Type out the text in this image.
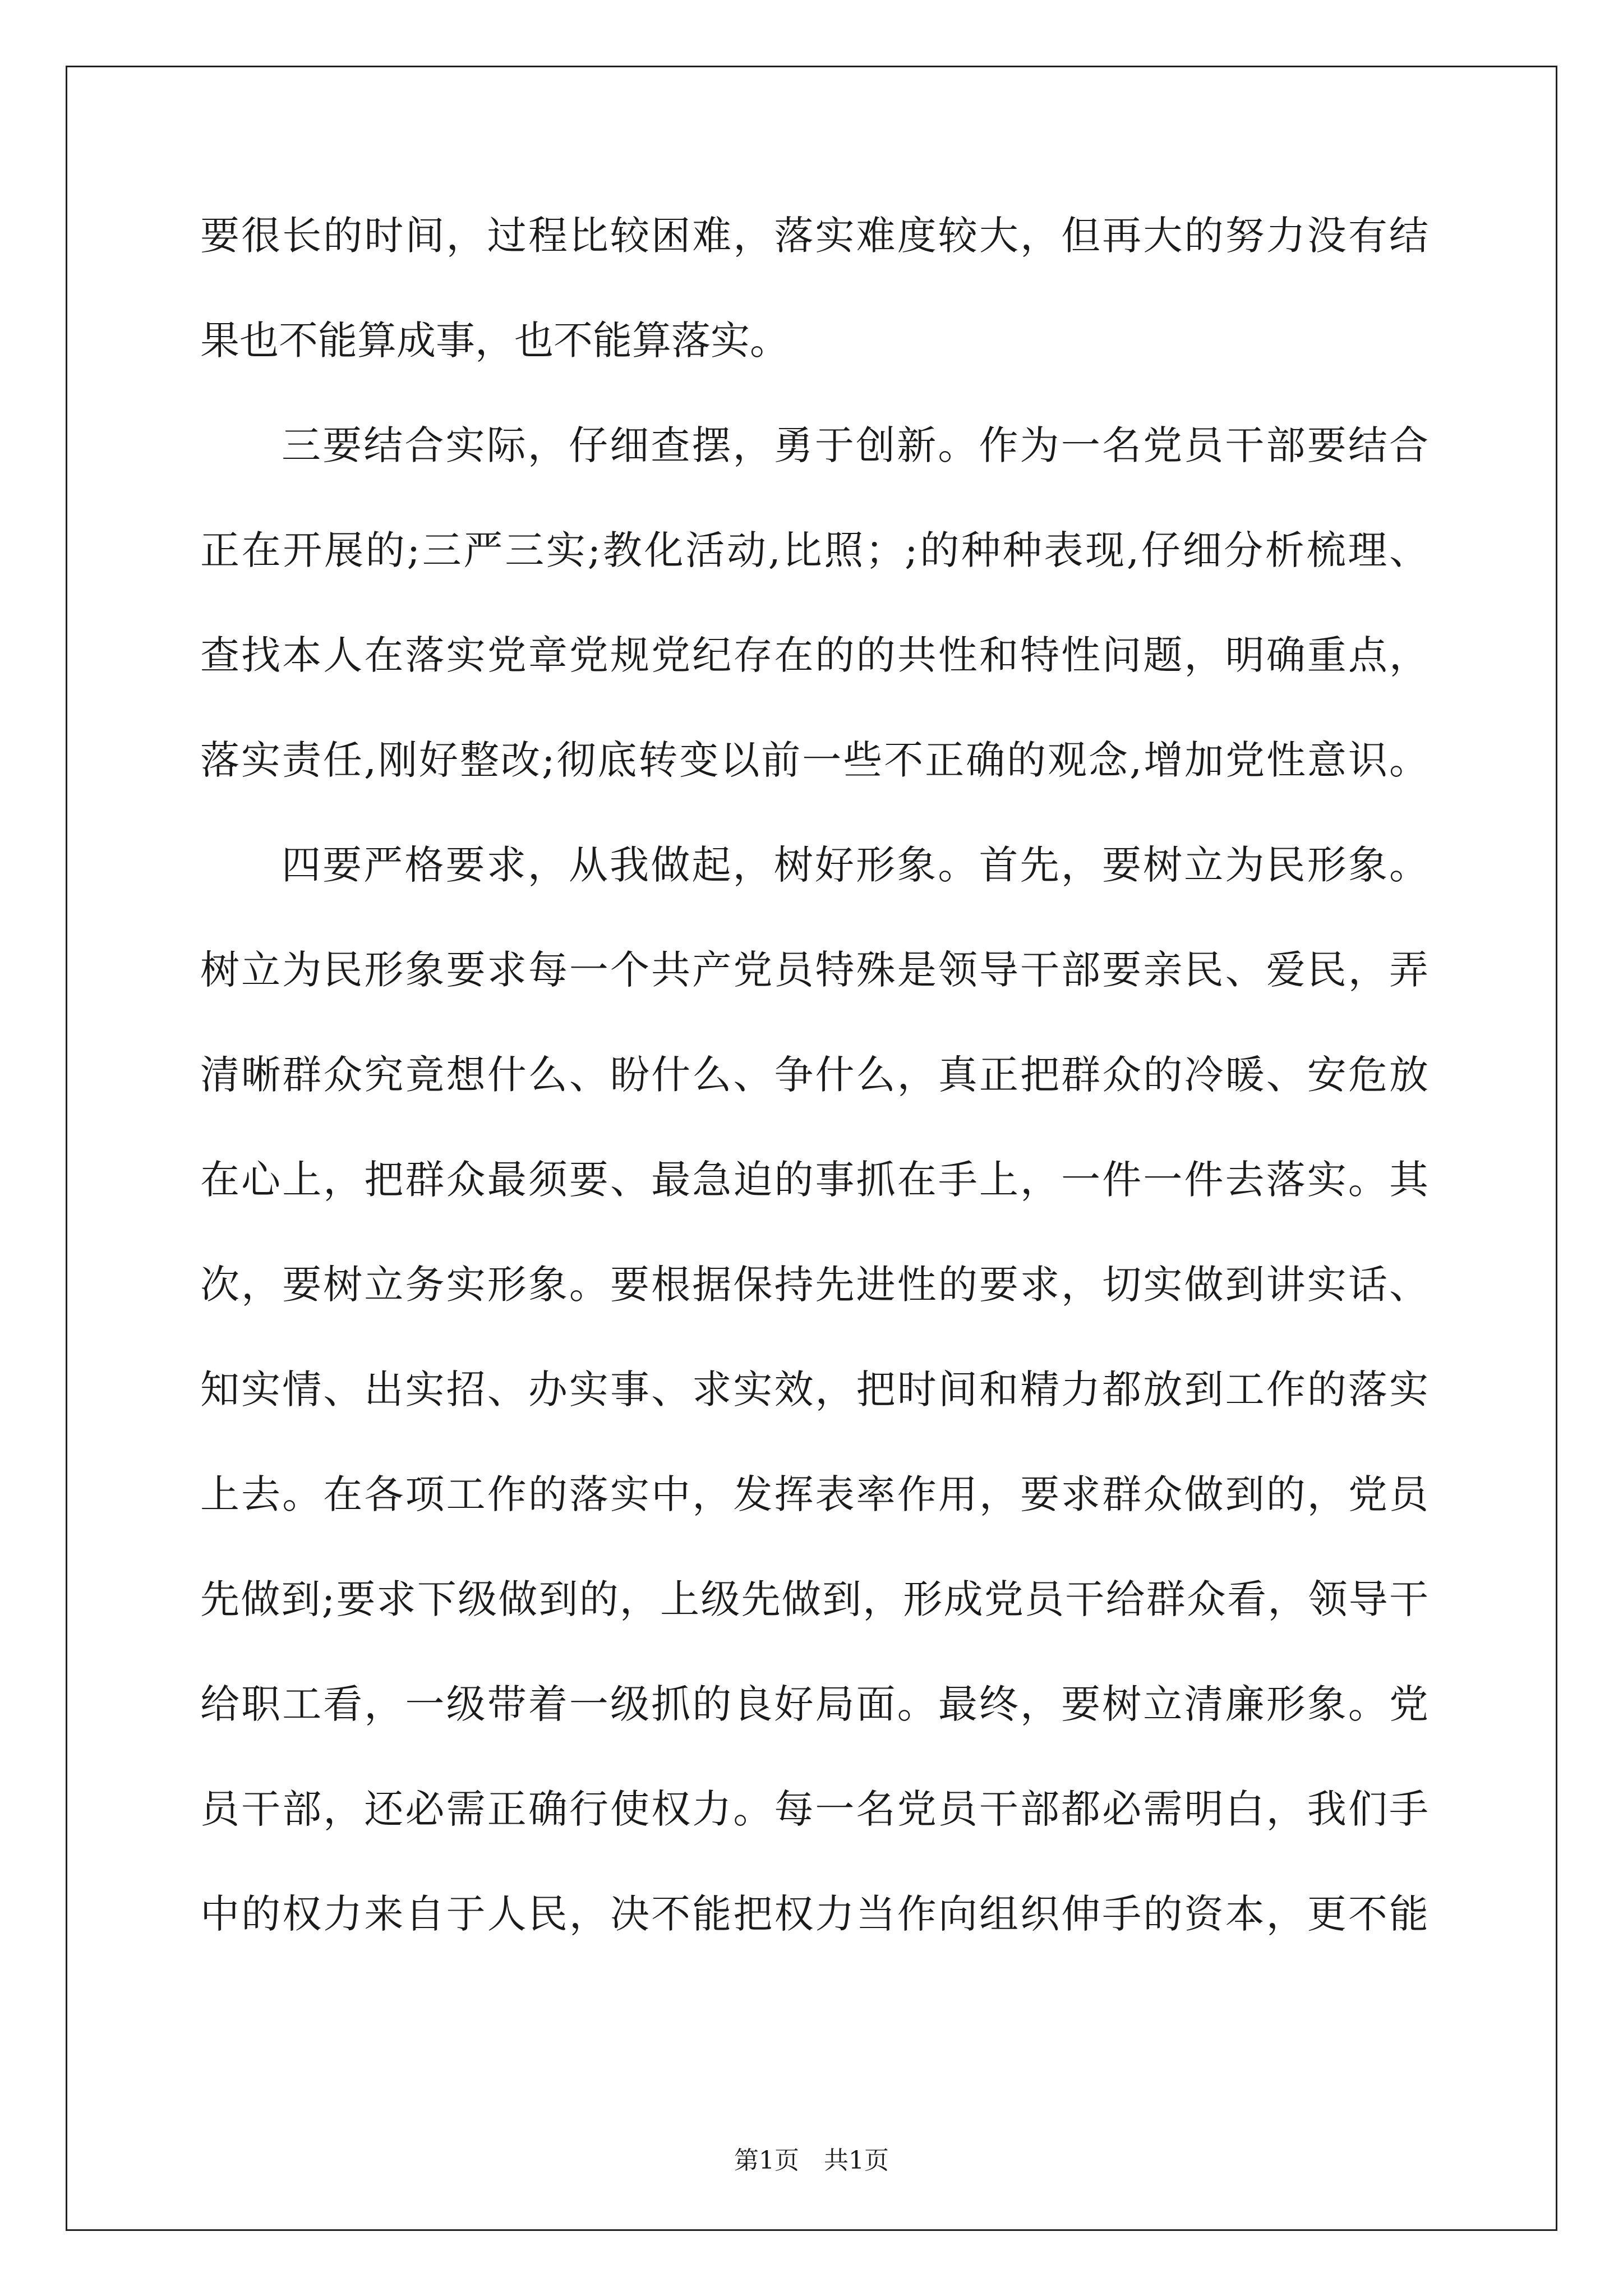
要很长的时间，过程比较困难，落实难度较大，但再大的努力没有结
果也不能算成事，也不能算落实。
三要结合实际，仔细查摆，勇于创新。作为一名党员干部要结合
正在开展的;三严三实;教化活动,比照；;的种种表现,仔细分析梳理、
查找本人在落实党章党规党纪存在的的共性和特性问题，明确重点，
落实责任,刚好整改;彻底转变以前一些不正确的观念,增加党性意识。
四要严格要求，从我做起，树好形象。首先，要树立为民形象。
树立为民形象要求每一个共产党员特殊是领导干部要亲民、爱民，弄
清晰群众究竟想什么、盼什么、争什么，真正把群众的冷暖、安危放
在心上，把群众最须要、最急迫的事抓在手上，一件一件去落实。其
次，要树立务实形象。要根据保持先进性的要求，切实做到讲实话、
知实情、出实招、办实事、求实效，把时间和精力都放到工作的落实
上去。在各项工作的落实中，发挥表率作用，要求群众做到的，党员
先做到;要求下级做到的，上级先做到，形成党员干给群众看，领导干
给职工看，一级带着一级抓的良好局面。最终，要树立清廉形象。党
员干部，还必需正确行使权力。每一名党员干部都必需明白，我们手
中的权力来自于人民，决不能把权力当作向组织伸手的资本，更不能
第1页　共1页
